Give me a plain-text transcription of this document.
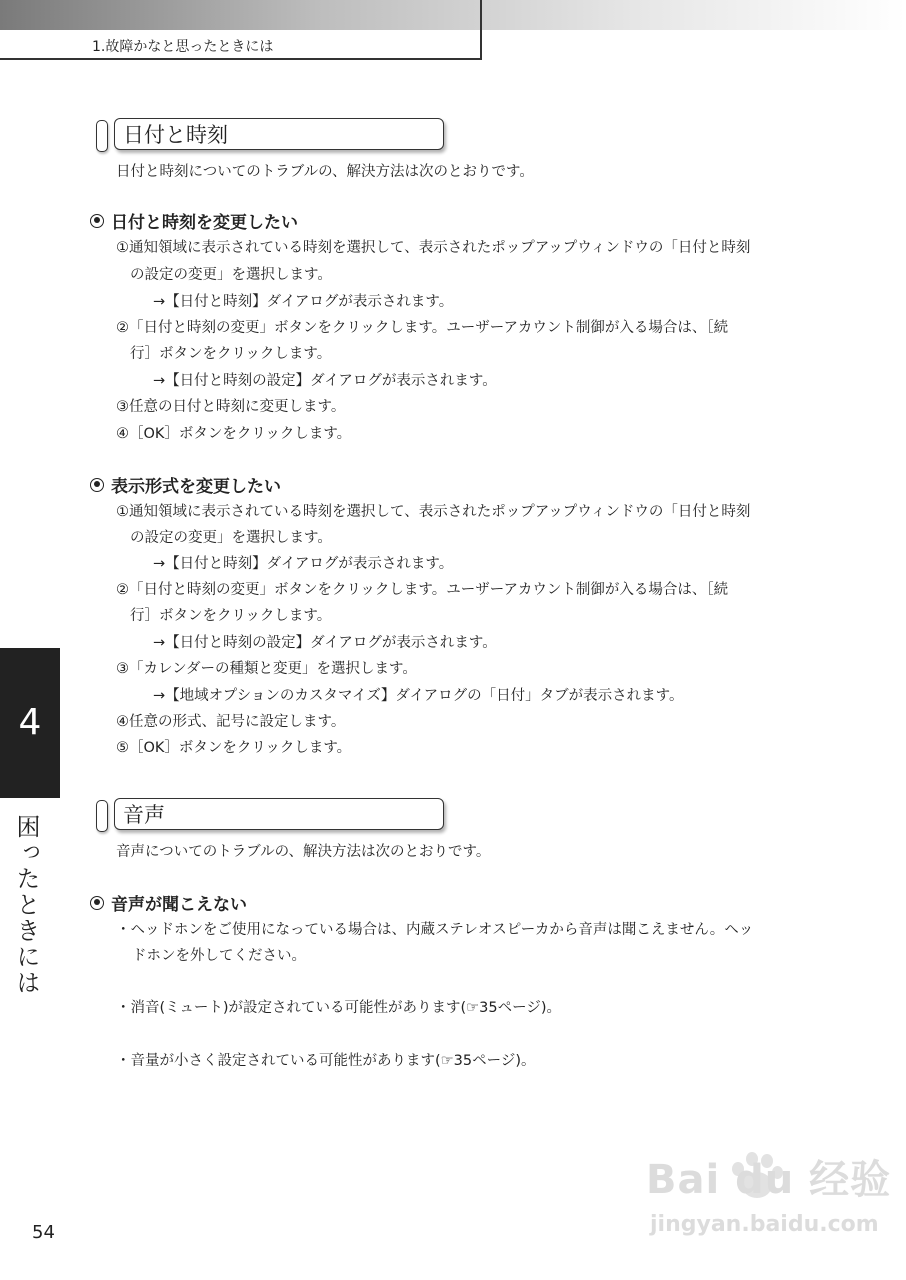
1.故障かなと思ったときには
日付と時刻
日付と時刻についてのトラブルの、解決方法は次のとおりです。
日付と時刻を変更したい
①通知領域に表示されている時刻を選択して、表示されたポップアップウィンドウの「日付と時刻
の設定の変更」を選択します。
→【日付と時刻】ダイアログが表示されます。
②「日付と時刻の変更」ボタンをクリックします。ユーザーアカウント制御が入る場合は、［続
行］ボタンをクリックします。
→【日付と時刻の設定】ダイアログが表示されます。
③任意の日付と時刻に変更します。
④［OK］ボタンをクリックします。
表示形式を変更したい
①通知領域に表示されている時刻を選択して、表示されたポップアップウィンドウの「日付と時刻
の設定の変更」を選択します。
→【日付と時刻】ダイアログが表示されます。
②「日付と時刻の変更」ボタンをクリックします。ユーザーアカウント制御が入る場合は、［続
行］ボタンをクリックします。
→【日付と時刻の設定】ダイアログが表示されます。
③「カレンダーの種類と変更」を選択します。
→【地域オプションのカスタマイズ】ダイアログの「日付」タブが表示されます。
④任意の形式、記号に設定します。
⑤［OK］ボタンをクリックします。
音声
音声についてのトラブルの、解決方法は次のとおりです。
音声が聞こえない
・ヘッドホンをご使用になっている場合は、内蔵ステレオスピーカから音声は聞こえません。ヘッ
ドホンを外してください。
・消音(ミュート)が設定されている可能性があります(☞35ページ)。
・音量が小さく設定されている可能性があります(☞35ページ)。
4
困ったときには
54
Bai du 经验
jingyan.baidu.com
